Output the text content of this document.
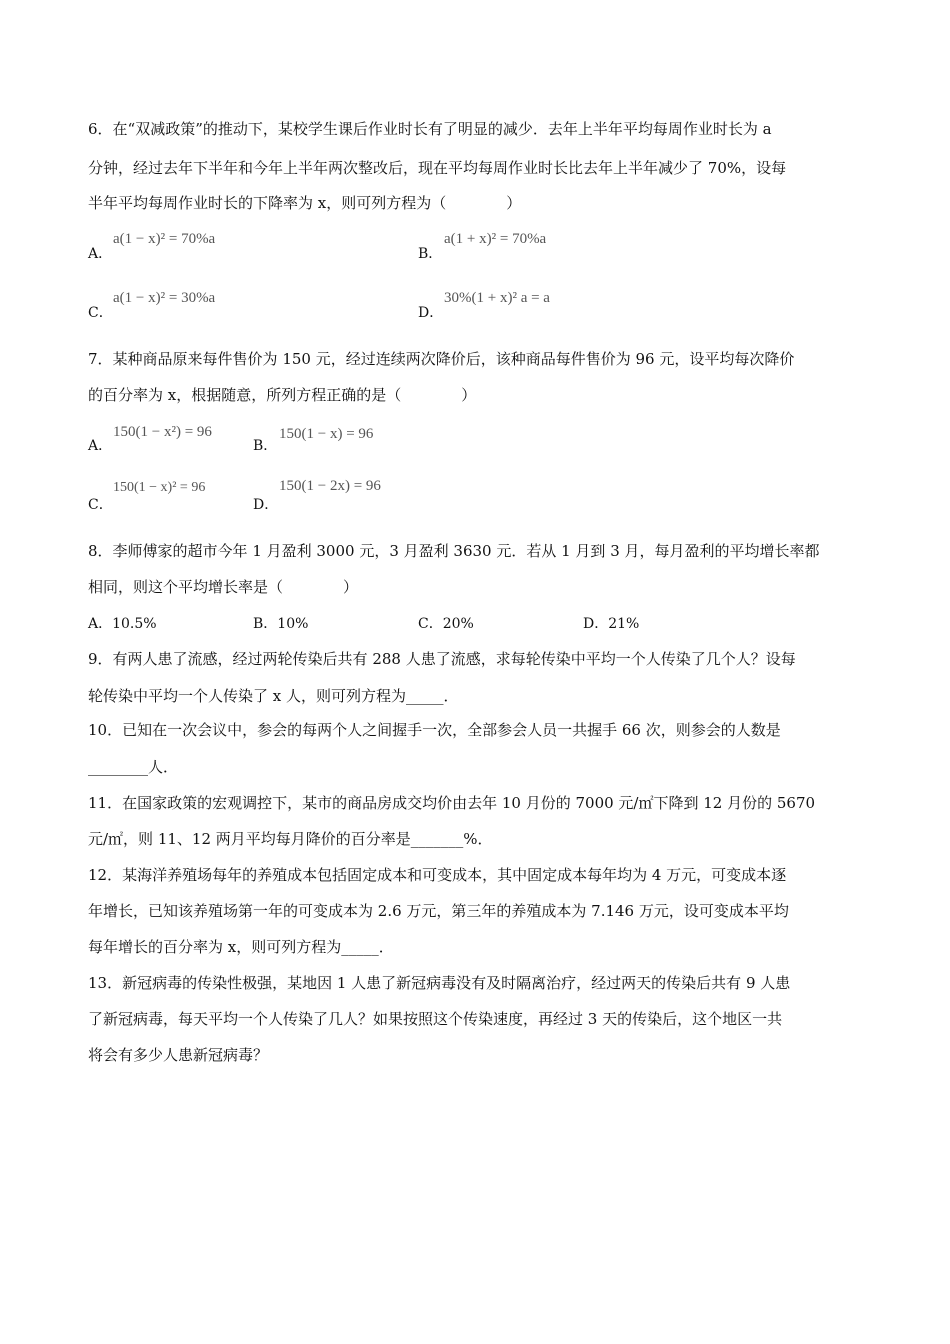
6．在“双减政策”的推动下，某校学生课后作业时长有了明显的减少．去年上半年平均每周作业时长为 a
分钟，经过去年下半年和今年上半年两次整改后，现在平均每周作业时长比去年上半年减少了 70%，设每
半年平均每周作业时长的下降率为 x，则可列方程为（　　　　）
A．
a(1 − x)² = 70%a
B．
a(1 + x)² = 70%a
C．
a(1 − x)² = 30%a
D．
30%(1 + x)² a = a
7．某种商品原来每件售价为 150 元，经过连续两次降价后，该种商品每件售价为 96 元，设平均每次降价
的百分率为 x，根据随意，所列方程正确的是（　　　　）
A．
150(1 − x²) = 96
B．
150(1 − x) = 96
C．
150(1 − x)² = 96
D．
150(1 − 2x) = 96
8．李师傅家的超市今年 1 月盈利 3000 元，3 月盈利 3630 元．若从 1 月到 3 月，每月盈利的平均增长率都
相同，则这个平均增长率是（　　　　）
A．10.5%	B．10%	C．20%	D．21%
9．有两人患了流感，经过两轮传染后共有 288 人患了流感，求每轮传染中平均一个人传染了几个人？设每
轮传染中平均一个人传染了 x 人，则可列方程为_____．
10．已知在一次会议中，参会的每两个人之间握手一次，全部参会人员一共握手 66 次，则参会的人数是
________人．
11．在国家政策的宏观调控下，某市的商品房成交均价由去年 10 月份的 7000 元/㎡下降到 12 月份的 5670
元/㎡，则 11、12 两月平均每月降价的百分率是_______%．
12．某海洋养殖场每年的养殖成本包括固定成本和可变成本，其中固定成本每年均为 4 万元，可变成本逐
年增长，已知该养殖场第一年的可变成本为 2.6 万元，第三年的养殖成本为 7.146 万元，设可变成本平均
每年增长的百分率为 x，则可列方程为_____．
13．新冠病毒的传染性极强，某地因 1 人患了新冠病毒没有及时隔离治疗，经过两天的传染后共有 9 人患
了新冠病毒，每天平均一个人传染了几人？如果按照这个传染速度，再经过 3 天的传染后，这个地区一共
将会有多少人患新冠病毒？
